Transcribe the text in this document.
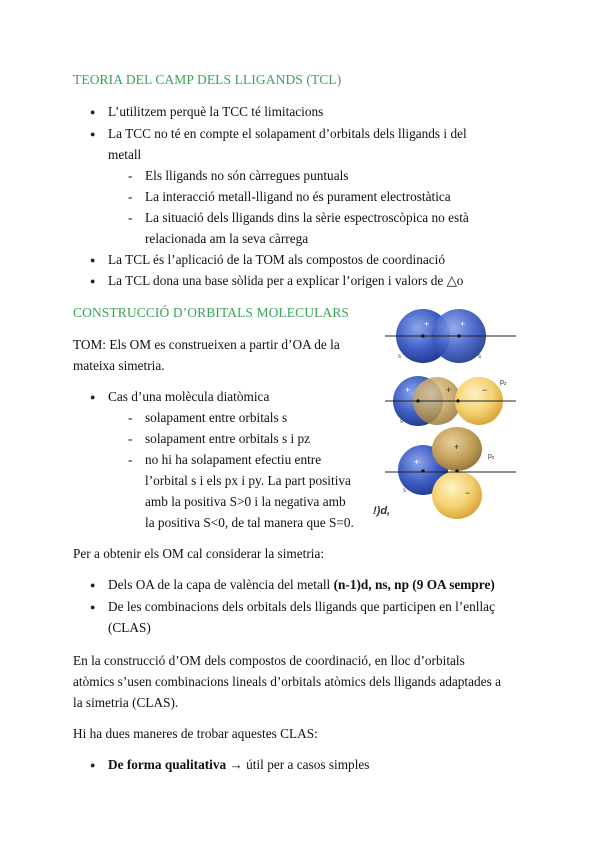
TEORIA DEL CAMP DELS LLIGANDS (TCL)
● L’utilitzem perquè la TCC té limitacions
● La TCC no té en compte el solapament d’orbitals dels lligands i del
metall
- Els lligands no són càrregues puntuals
- La interacció metall-lligand no és purament electrostàtica
- La situació dels lligands dins la sèrie espectroscòpica no està
relacionada am la seva càrrega
● La TCL és l’aplicació de la TOM als compostos de coordinació
● La TCL dona una base sòlida per a explicar l’origen i valors de △o
CONSTRUCCIÓ D’ORBITALS MOLECULARS
TOM: Els OM es construeixen a partir d’OA de la
mateixa simetria.
● Cas d’una molècula diatòmica
- solapament entre orbitals s
- solapament entre orbitals s i pz
- no hi ha solapament efectiu entre
l’orbital s i els px i py. La part positiva
amb la positiva S>0 i la negativa amb
la positiva S<0, de tal manera que S=0.
Per a obtenir els OM cal considerar la simetria:
● Dels OA de la capa de valència del metall (n-1)d, ns, np (9 OA sempre)
● De les combinacions dels orbitals dels lligands que participen en l’enllaç
(CLAS)
En la construcció d’OM dels compostos de coordinació, en lloc d’orbitals
atòmics s’usen combinacions lineals d’orbitals atòmics dels lligands adaptades a
la simetria (CLAS).
Hi ha dues maneres de trobar aquestes CLAS:
● De forma qualitativa → útil per a casos simples
+	+
s	s
+	+	−
pz
s
+
+
−
px
s
!)d,
